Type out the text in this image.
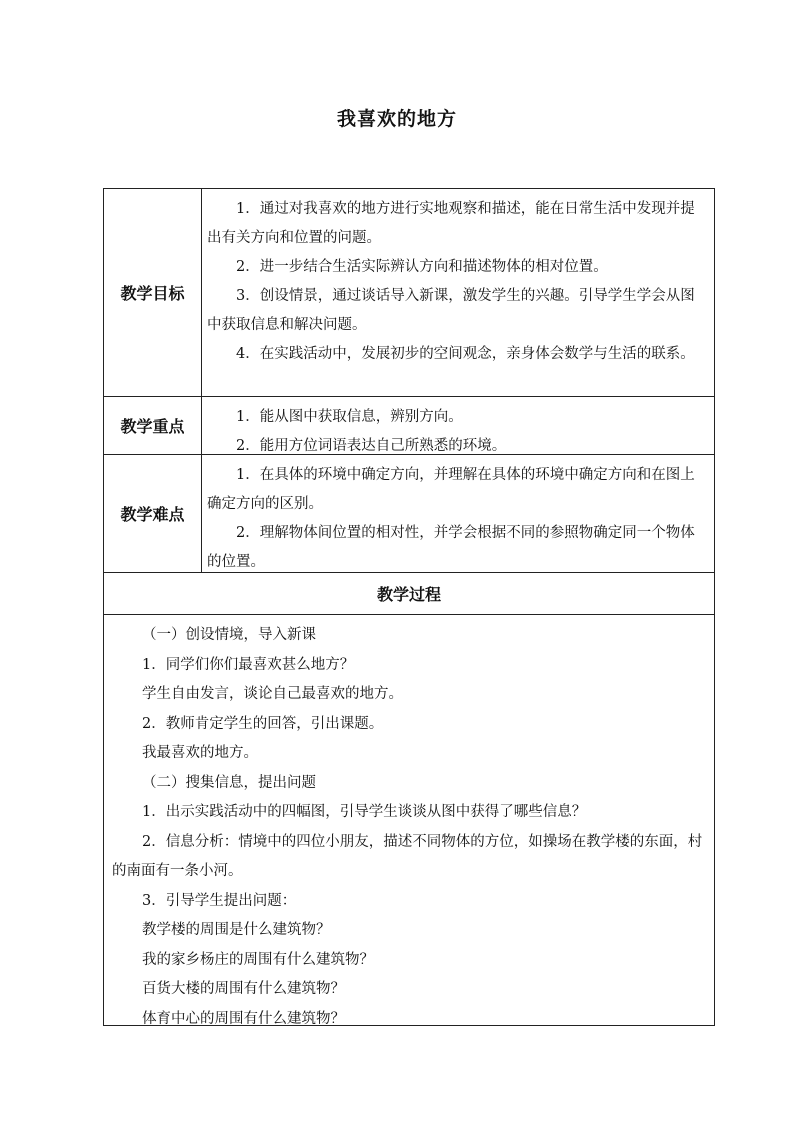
我喜欢的地方
教学目标

1．通过对我喜欢的地方进行实地观察和描述，能在日常生活中发现并提出有关方向和位置的问题。

2．进一步结合生活实际辨认方向和描述物体的相对位置。

3．创设情景，通过谈话导入新课，激发学生的兴趣。引导学生学会从图中获取信息和解决问题。

4．在实践活动中，发展初步的空间观念，亲身体会数学与生活的联系。

教学重点	1．能从图中获取信息，辨别方向。

2．能用方位词语表达自己所熟悉的环境。

教学难点

1．在具体的环境中确定方向，并理解在具体的环境中确定方向和在图上确定方向的区别。

2．理解物体间位置的相对性，并学会根据不同的参照物确定同一个物体的位置。

教学过程

（一）创设情境，导入新课

1．同学们你们最喜欢甚么地方？

学生自由发言，谈论自己最喜欢的地方。

2．教师肯定学生的回答，引出课题。

我最喜欢的地方。

（二）搜集信息，提出问题

1．出示实践活动中的四幅图，引导学生谈谈从图中获得了哪些信息？

2．信息分析：情境中的四位小朋友，描述不同物体的方位，如操场在教学楼的东面，村的南面有一条小河。

3．引导学生提出问题：

教学楼的周围是什么建筑物？

我的家乡杨庄的周围有什么建筑物？

百货大楼的周围有什么建筑物？

体育中心的周围有什么建筑物？
